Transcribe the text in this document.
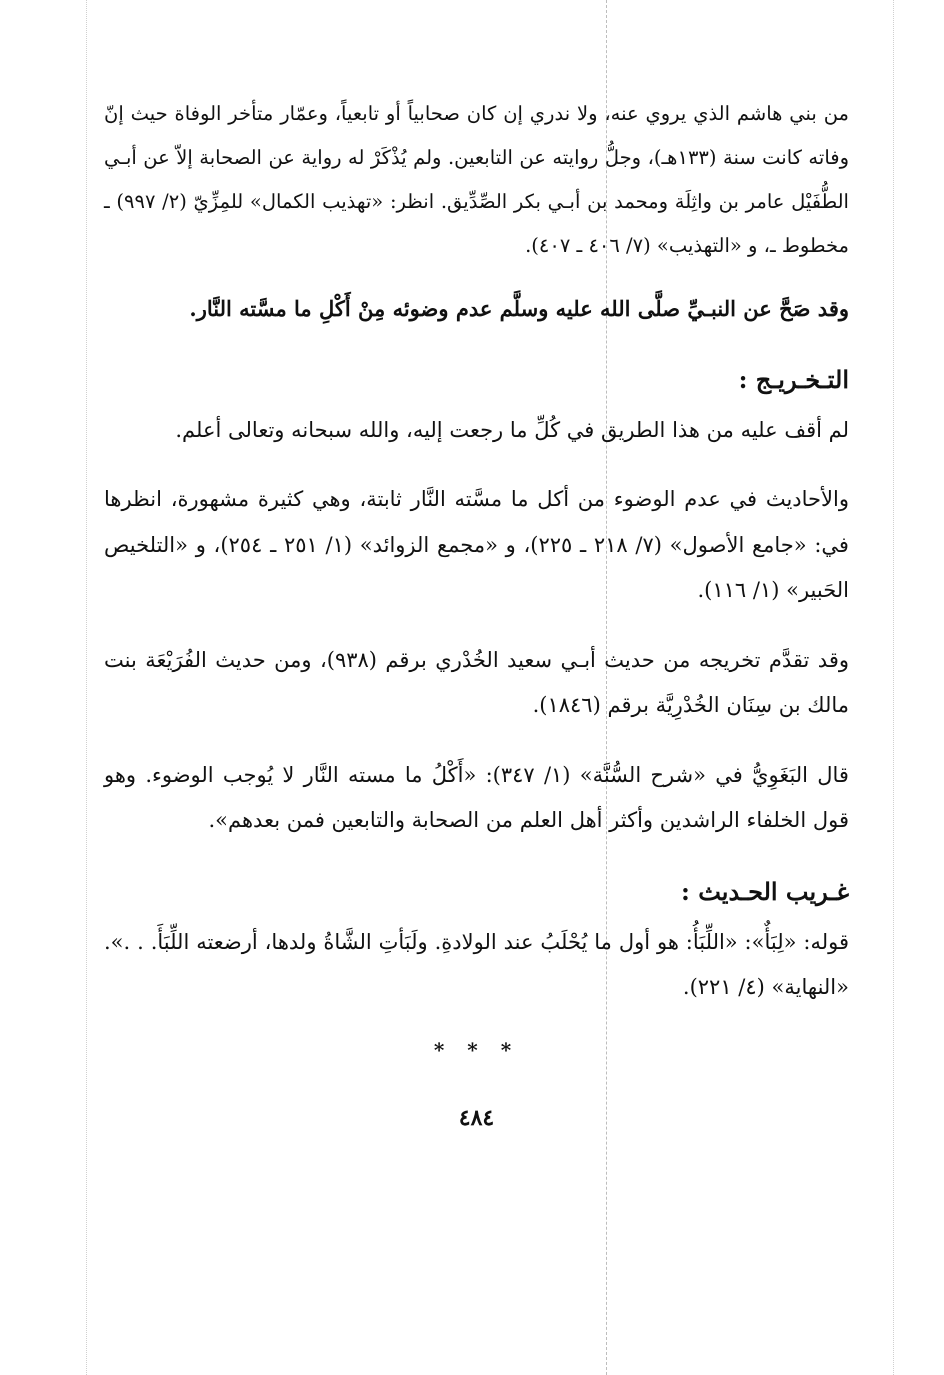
من بني هاشم الذي يروي عنه، ولا ندري إن كان صحابياً أو تابعياً، وعمّار متأخر الوفاة حيث إنّ وفاته كانت سنة (١٣٣هـ)، وجلُّ روايته عن التابعين. ولم يُذْكَرْ له رواية عن الصحابة إلاّ عن أبـي الطُّفَيْل عامر بن واثِلَة ومحمد بن أبـي بكر الصِّدِّيق. انظر: «تهذيب الكمال» للمِزِّيّ (٢/ ٩٩٧) ـ مخطوط ـ، و «التهذيب» (٧/ ٤٠٦ ـ ٤٠٧).

وقد صَحَّ عن النبـيِّ صلَّى الله عليه وسلَّم عدم وضوئه مِنْ أَكْلِ ما مسَّته النَّار.

التـخـريـج :

لم أقف عليه من هذا الطريق في كُلِّ ما رجعت إليه، والله سبحانه وتعالى أعلم.

والأحاديث في عدم الوضوء من أكل ما مسَّته النَّار ثابتة، وهي كثيرة مشهورة، انظرها في: «جامع الأصول» (٧/ ٢١٨ ـ ٢٢٥)، و «مجمع الزوائد» (١/ ٢٥١ ـ ٢٥٤)، و «التلخيص الحَبير» (١/ ١١٦).

وقد تقدَّم تخريجه من حديث أبـي سعيد الخُدْري برقم (٩٣٨)، ومن حديث الفُرَيْعَة بنت مالك بن سِنَان الخُدْرِيَّة برقم (١٨٤٦).

قال البَغَوِيُّ في «شرح السُّنَّة» (١/ ٣٤٧): «أَكْلُ ما مسته النَّار لا يُوجب الوضوء. وهو قول الخلفاء الراشدين وأكثر أهل العلم من الصحابة والتابعين فمن بعدهم».

غـريب الحـديث :

قوله: «لِبَأٌ»: «اللِّبَأُ: هو أول ما يُحْلَبُ عند الولادةِ. ولَبَأتِ الشَّاةُ ولدها، أرضعته اللِّبَأَ. . .». «النهاية» (٤/ ٢٢١).

* * *
٤٨٤
